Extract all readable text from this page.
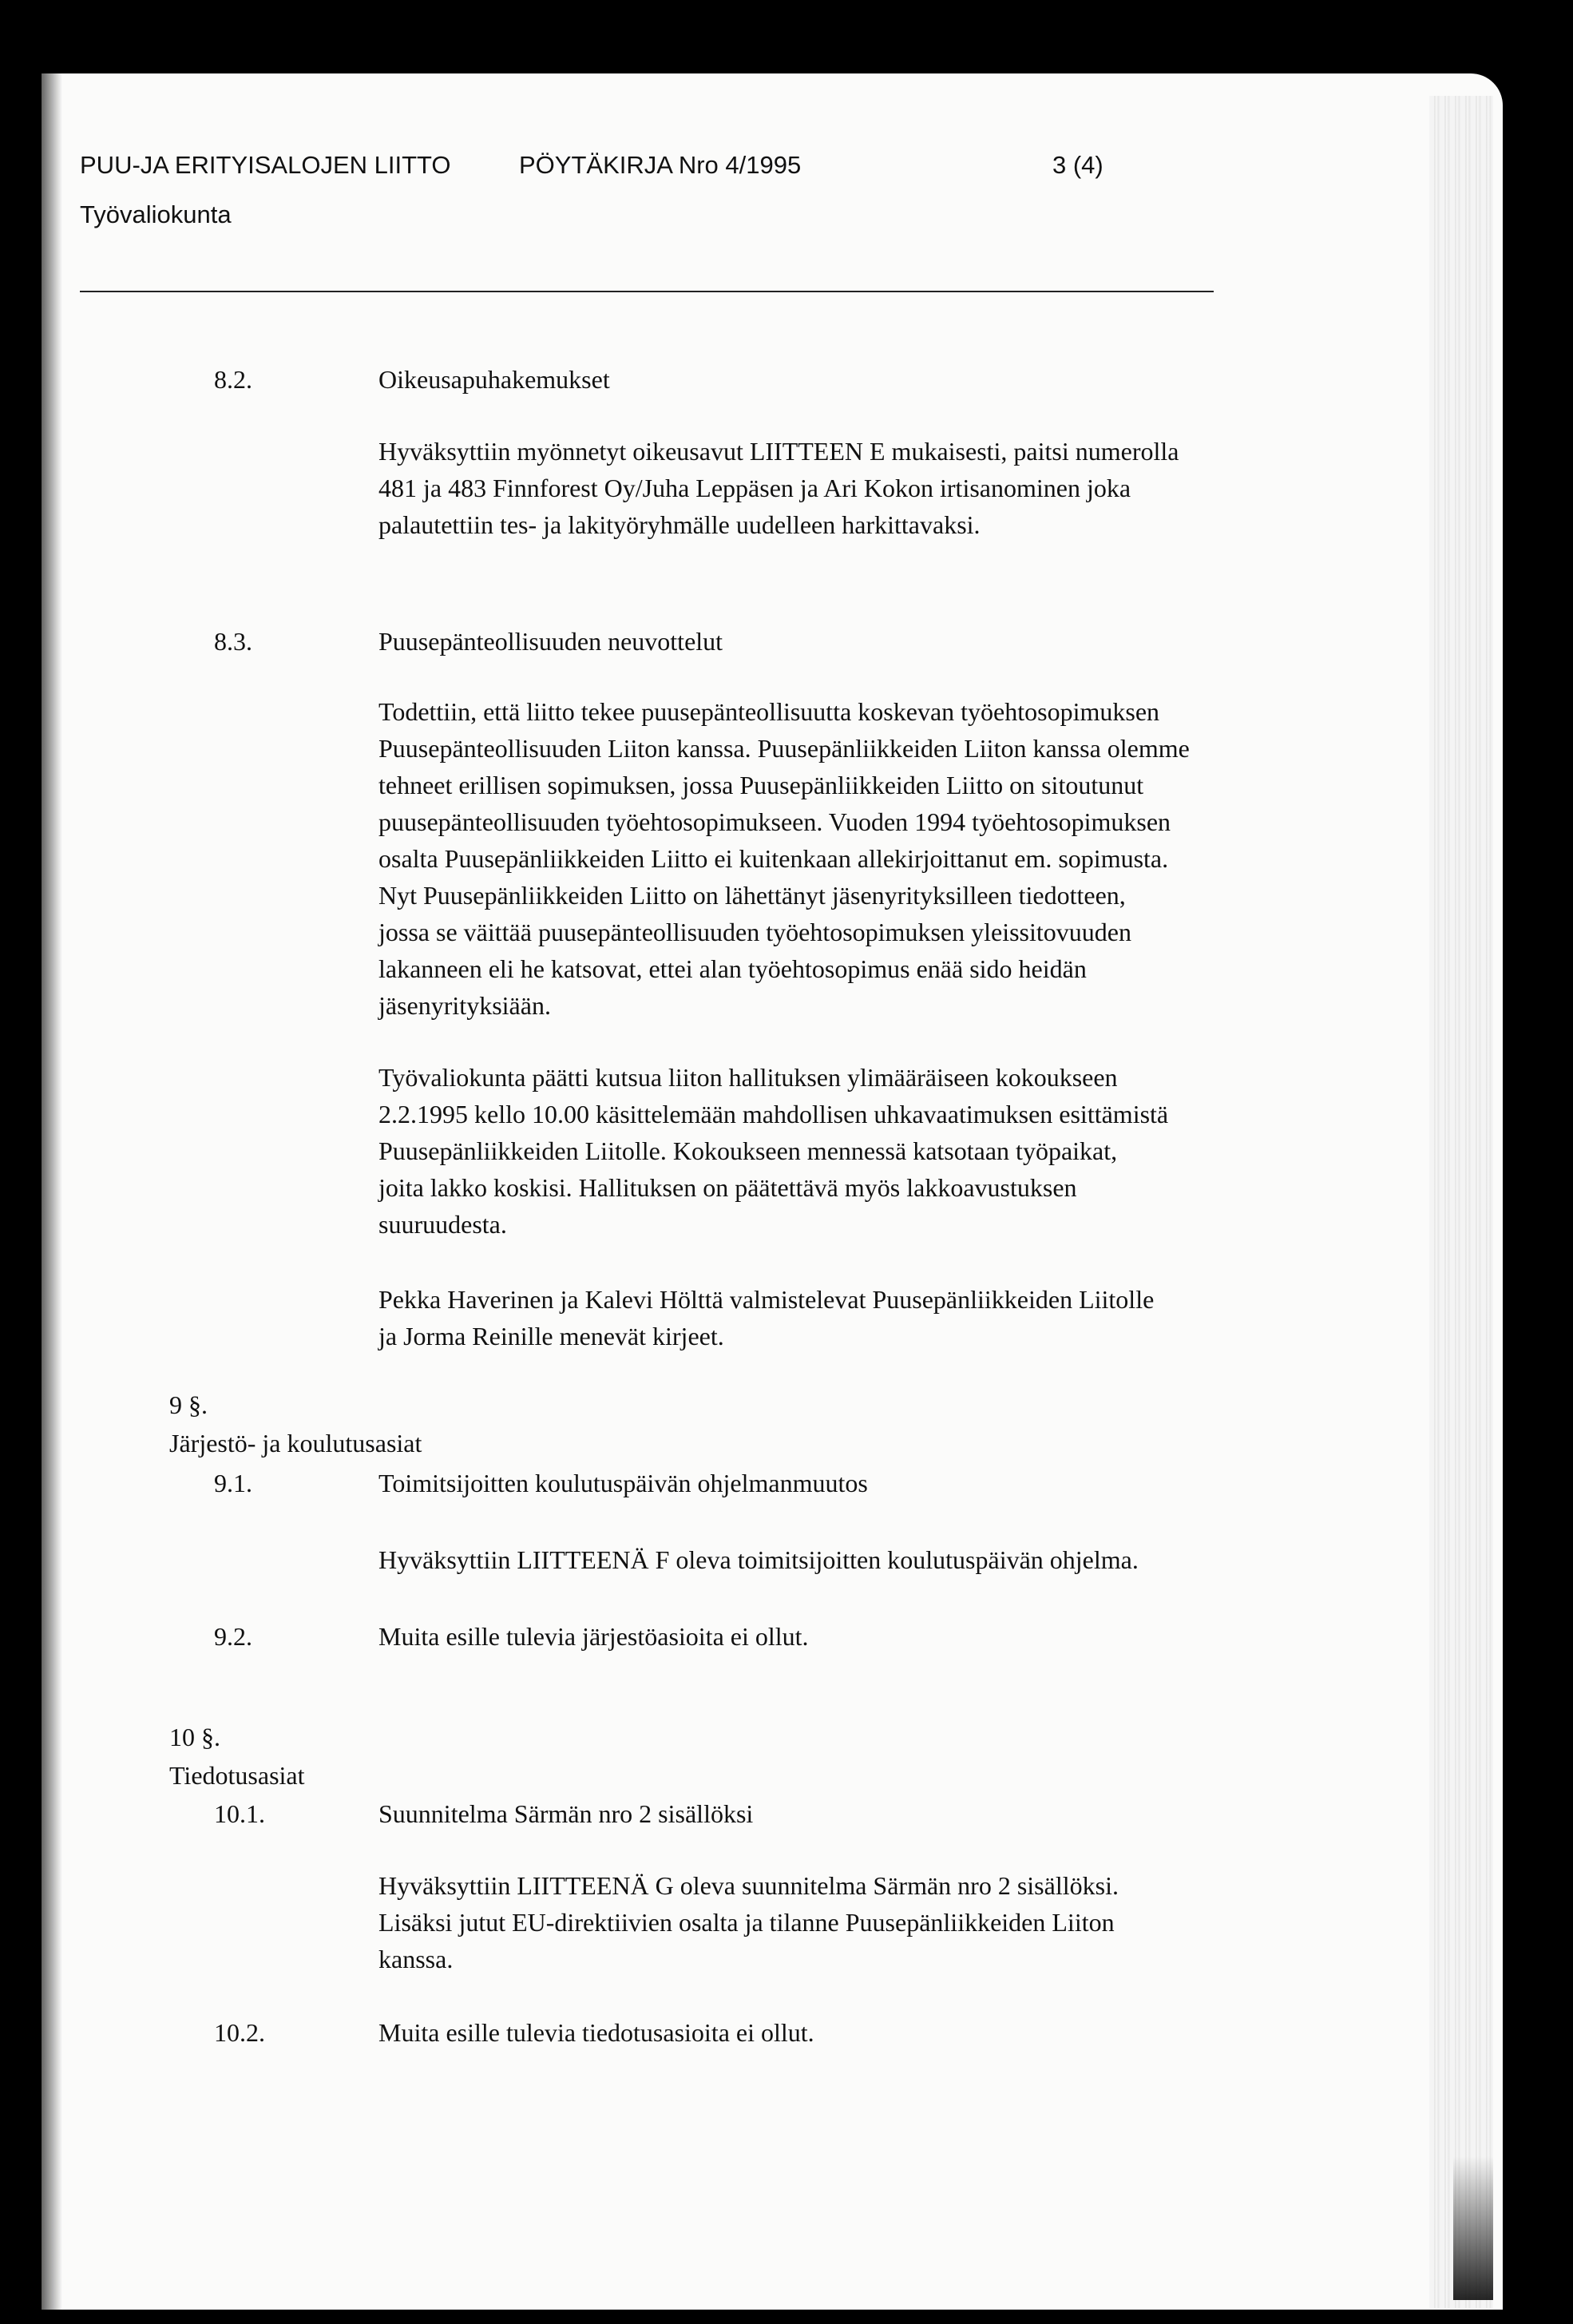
PUU-JA ERITYISALOJEN LIITTO	PÖYTÄKIRJA Nro 4/1995	3 (4)
Työvaliokunta
8.2.	Oikeusapuhakemukset
Hyväksyttiin myönnetyt oikeusavut LIITTEEN E mukaisesti, paitsi numerolla
481 ja 483 Finnforest Oy/Juha Leppäsen ja Ari Kokon irtisanominen joka
palautettiin tes- ja lakityöryhmälle uudelleen harkittavaksi.
8.3.	Puusepänteollisuuden neuvottelut
Todettiin, että liitto tekee puusepänteollisuutta koskevan työehtosopimuksen
Puusepänteollisuuden Liiton kanssa. Puusepänliikkeiden Liiton kanssa olemme
tehneet erillisen sopimuksen, jossa Puusepänliikkeiden Liitto on sitoutunut
puusepänteollisuuden työehtosopimukseen. Vuoden 1994 työehtosopimuksen
osalta Puusepänliikkeiden Liitto ei kuitenkaan allekirjoittanut em. sopimusta.
Nyt Puusepänliikkeiden Liitto on lähettänyt jäsenyrityksilleen tiedotteen,
jossa se väittää puusepänteollisuuden työehtosopimuksen yleissitovuuden
lakanneen eli he katsovat, ettei alan työehtosopimus enää sido heidän
jäsenyrityksiään.
Työvaliokunta päätti kutsua liiton hallituksen ylimääräiseen kokoukseen
2.2.1995 kello 10.00 käsittelemään mahdollisen uhkavaatimuksen esittämistä
Puusepänliikkeiden Liitolle. Kokoukseen mennessä katsotaan työpaikat,
joita lakko koskisi. Hallituksen on päätettävä myös lakkoavustuksen
suuruudesta.
Pekka Haverinen ja Kalevi Hölttä valmistelevat Puusepänliikkeiden Liitolle
ja Jorma Reinille menevät kirjeet.
9 §.
Järjestö- ja koulutusasiat
9.1.	Toimitsijoitten koulutuspäivän ohjelmanmuutos
Hyväksyttiin LIITTEENÄ F oleva toimitsijoitten koulutuspäivän ohjelma.
9.2.	Muita esille tulevia järjestöasioita ei ollut.
10 §.
Tiedotusasiat
10.1.	Suunnitelma Särmän nro 2 sisällöksi
Hyväksyttiin LIITTEENÄ G oleva suunnitelma Särmän nro 2 sisällöksi.
Lisäksi jutut EU-direktiivien osalta ja tilanne Puusepänliikkeiden Liiton
kanssa.
10.2.	Muita esille tulevia tiedotusasioita ei ollut.
